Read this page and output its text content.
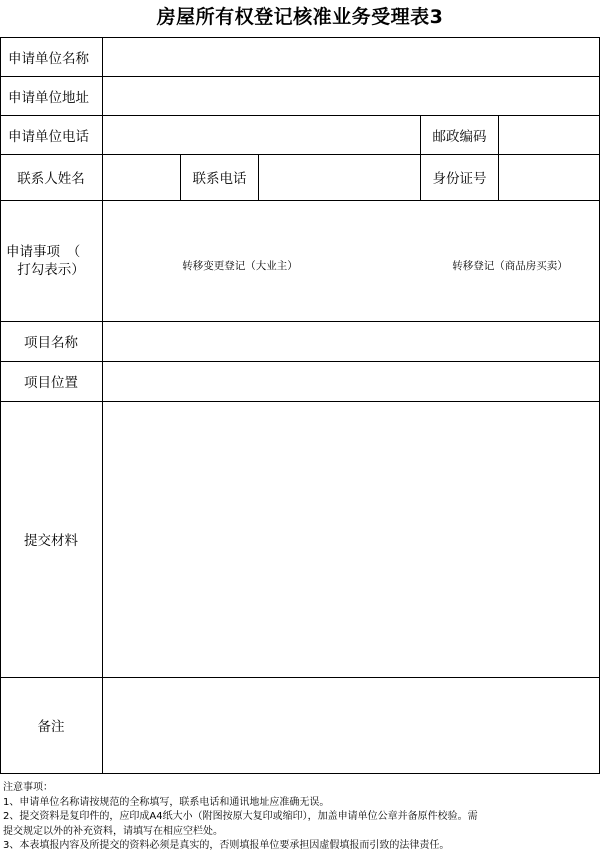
房屋所有权登记核准业务受理表3
申请单位名称
申请单位地址
申请单位电话	邮政编码
联系人姓名	联系电话	身份证号
申请事项　（
打勾表示）	转移变更登记（大业主）	转移登记（商品房买卖）
项目名称
项目位置
提交材料
备注
注意事项：
1、申请单位名称请按规范的全称填写，联系电话和通讯地址应准确无误。
2、提交资料是复印件的，应印成A4纸大小（附图按原大复印或缩印），加盖申请单位公章并备原件校验。需
提交规定以外的补充资料，请填写在相应空栏处。
3、本表填报内容及所提交的资料必须是真实的，否则填报单位要承担因虚假填报而引致的法律责任。
